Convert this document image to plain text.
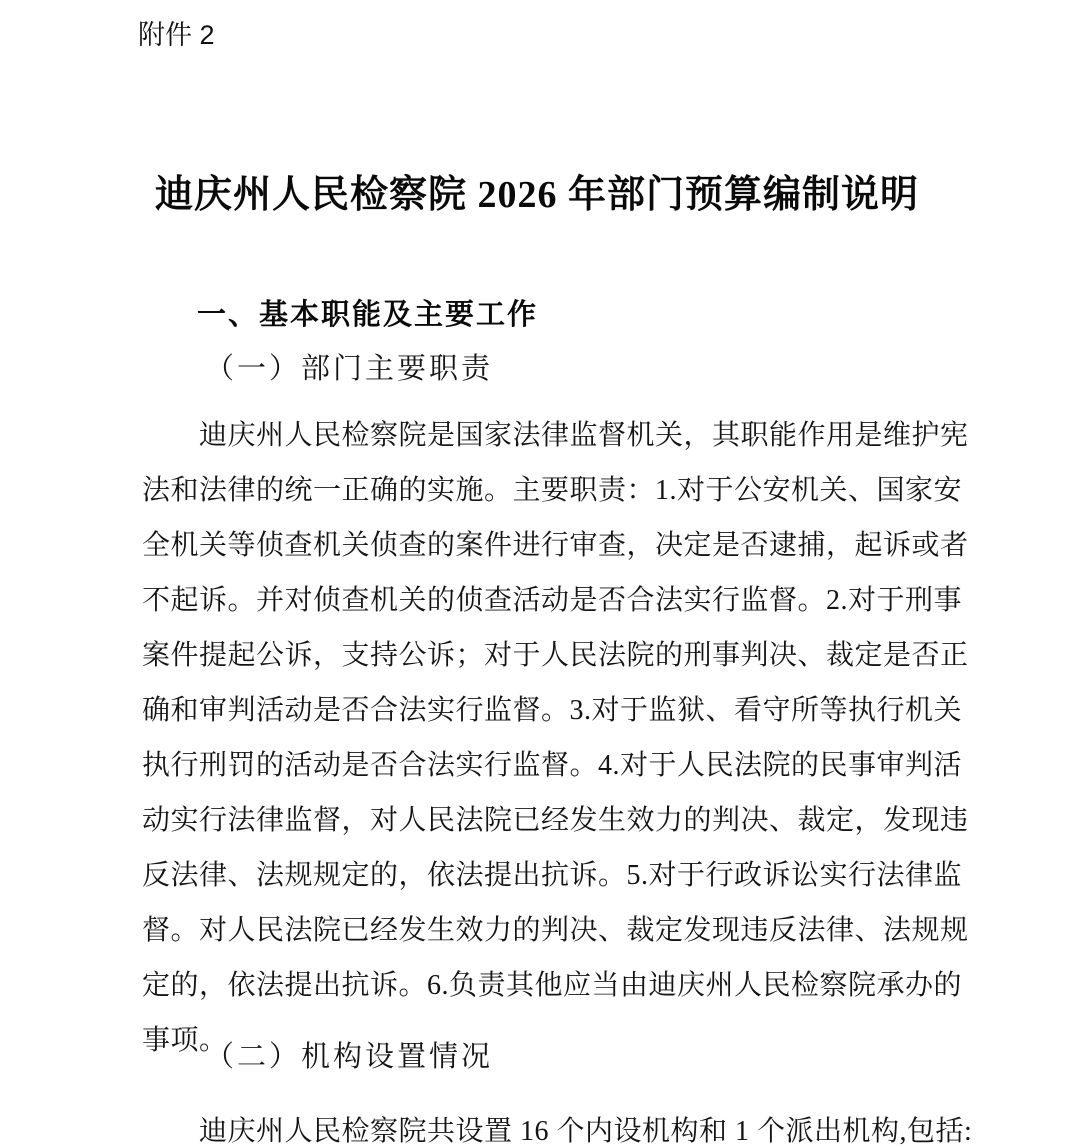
附件 2
迪庆州人民检察院 2026 年部门预算编制说明
一、基本职能及主要工作
（一）部门主要职责
迪庆州人民检察院是国家法律监督机关，其职能作用是维护宪
法和法律的统一正确的实施。主要职责：1.对于公安机关、国家安
全机关等侦查机关侦查的案件进行审查，决定是否逮捕，起诉或者
不起诉。并对侦查机关的侦查活动是否合法实行监督。2.对于刑事
案件提起公诉，支持公诉；对于人民法院的刑事判决、裁定是否正
确和审判活动是否合法实行监督。3.对于监狱、看守所等执行机关
执行刑罚的活动是否合法实行监督。4.对于人民法院的民事审判活
动实行法律监督，对人民法院已经发生效力的判决、裁定，发现违
反法律、法规规定的，依法提出抗诉。5.对于行政诉讼实行法律监
督。对人民法院已经发生效力的判决、裁定发现违反法律、法规规
定的，依法提出抗诉。6.负责其他应当由迪庆州人民检察院承办的
事项。
（二）机构设置情况
迪庆州人民检察院共设置 16 个内设机构和 1 个派出机构,包括:
